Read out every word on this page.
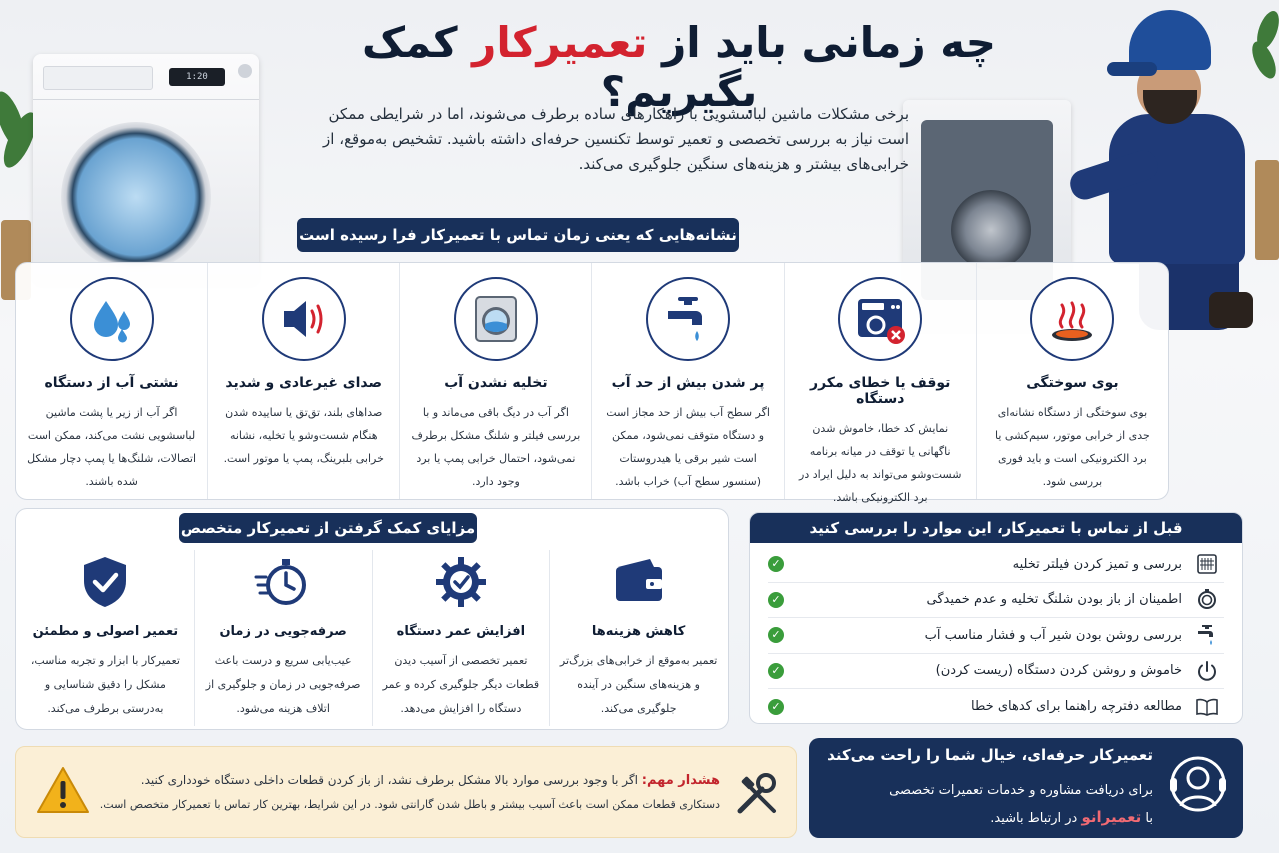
1:20
چه زمانی باید از تعمیرکار کمک بگیریم؟

برخی مشکلات ماشین لباسشویی با راهکارهای ساده برطرف می‌شوند، اما در شرایطی ممکن است نیاز به بررسی تخصصی و تعمیر توسط تکنسین حرفه‌ای داشته باشید. تشخیص به‌موقع، از خرابی‌های بیشتر و هزینه‌های سنگین جلوگیری می‌کند.

نشانه‌هایی که یعنی زمان تماس با تعمیرکار فرا رسیده است
بوی سوختگی

بوی سوختگی از دستگاه نشانه‌ای جدی از خرابی موتور، سیم‌کشی یا برد الکترونیکی است و باید فوری بررسی شود.

توقف یا خطای مکرر دستگاه

نمایش کد خطا، خاموش شدن ناگهانی یا توقف در میانه برنامه شست‌وشو می‌تواند به دلیل ایراد در برد الکترونیکی باشد.

پر شدن بیش از حد آب

اگر سطح آب بیش از حد مجاز است و دستگاه متوقف نمی‌شود، ممکن است شیر برقی یا هیدروستات (سنسور سطح آب) خراب باشد.

تخلیه نشدن آب

اگر آب در دیگ باقی می‌ماند و با بررسی فیلتر و شلنگ مشکل برطرف نمی‌شود، احتمال خرابی پمپ یا برد وجود دارد.

صدای غیرعادی و شدید

صداهای بلند، تق‌تق یا ساییده شدن هنگام شست‌وشو یا تخلیه، نشانه خرابی بلبرینگ، پمپ یا موتور است.

نشتی آب از دستگاه

اگر آب از زیر یا پشت ماشین لباسشویی نشت می‌کند، ممکن است اتصالات، شلنگ‌ها یا پمپ دچار مشکل شده باشند.

مزایای کمک گرفتن از تعمیرکار متخصص
کاهش هزینه‌ها

تعمیر به‌موقع از خرابی‌های بزرگ‌تر و هزینه‌های سنگین در آینده جلوگیری می‌کند.

افزایش عمر دستگاه

تعمیر تخصصی از آسیب دیدن قطعات دیگر جلوگیری کرده و عمر دستگاه را افزایش می‌دهد.

صرفه‌جویی در زمان

عیب‌یابی سریع و درست باعث صرفه‌جویی در زمان و جلوگیری از اتلاف هزینه می‌شود.

تعمیر اصولی و مطمئن

تعمیرکار با ابزار و تجربه مناسب، مشکل را دقیق شناسایی و به‌درستی برطرف می‌کند.

قبل از تماس با تعمیرکار، این موارد را بررسی کنید
بررسی و تمیز کردن فیلتر تخلیه
✓
اطمینان از باز بودن شلنگ تخلیه و عدم خمیدگی
✓
بررسی روشن بودن شیر آب و فشار مناسب آب
✓
خاموش و روشن کردن دستگاه (ریست کردن)
✓
مطالعه دفترچه راهنما برای کدهای خطا
✓
هشدار مهم: اگر با وجود بررسی موارد بالا مشکل برطرف نشد، از باز کردن قطعات داخلی دستگاه خودداری کنید.
دستکاری قطعات ممکن است باعث آسیب بیشتر و باطل شدن گارانتی شود. در این شرایط، بهترین کار تماس با تعمیرکار متخصص است.
تعمیرکار حرفه‌ای، خیال شما را راحت می‌کند
برای دریافت مشاوره و خدمات تعمیرات تخصصی
با تعمیرانو در ارتباط باشید.
